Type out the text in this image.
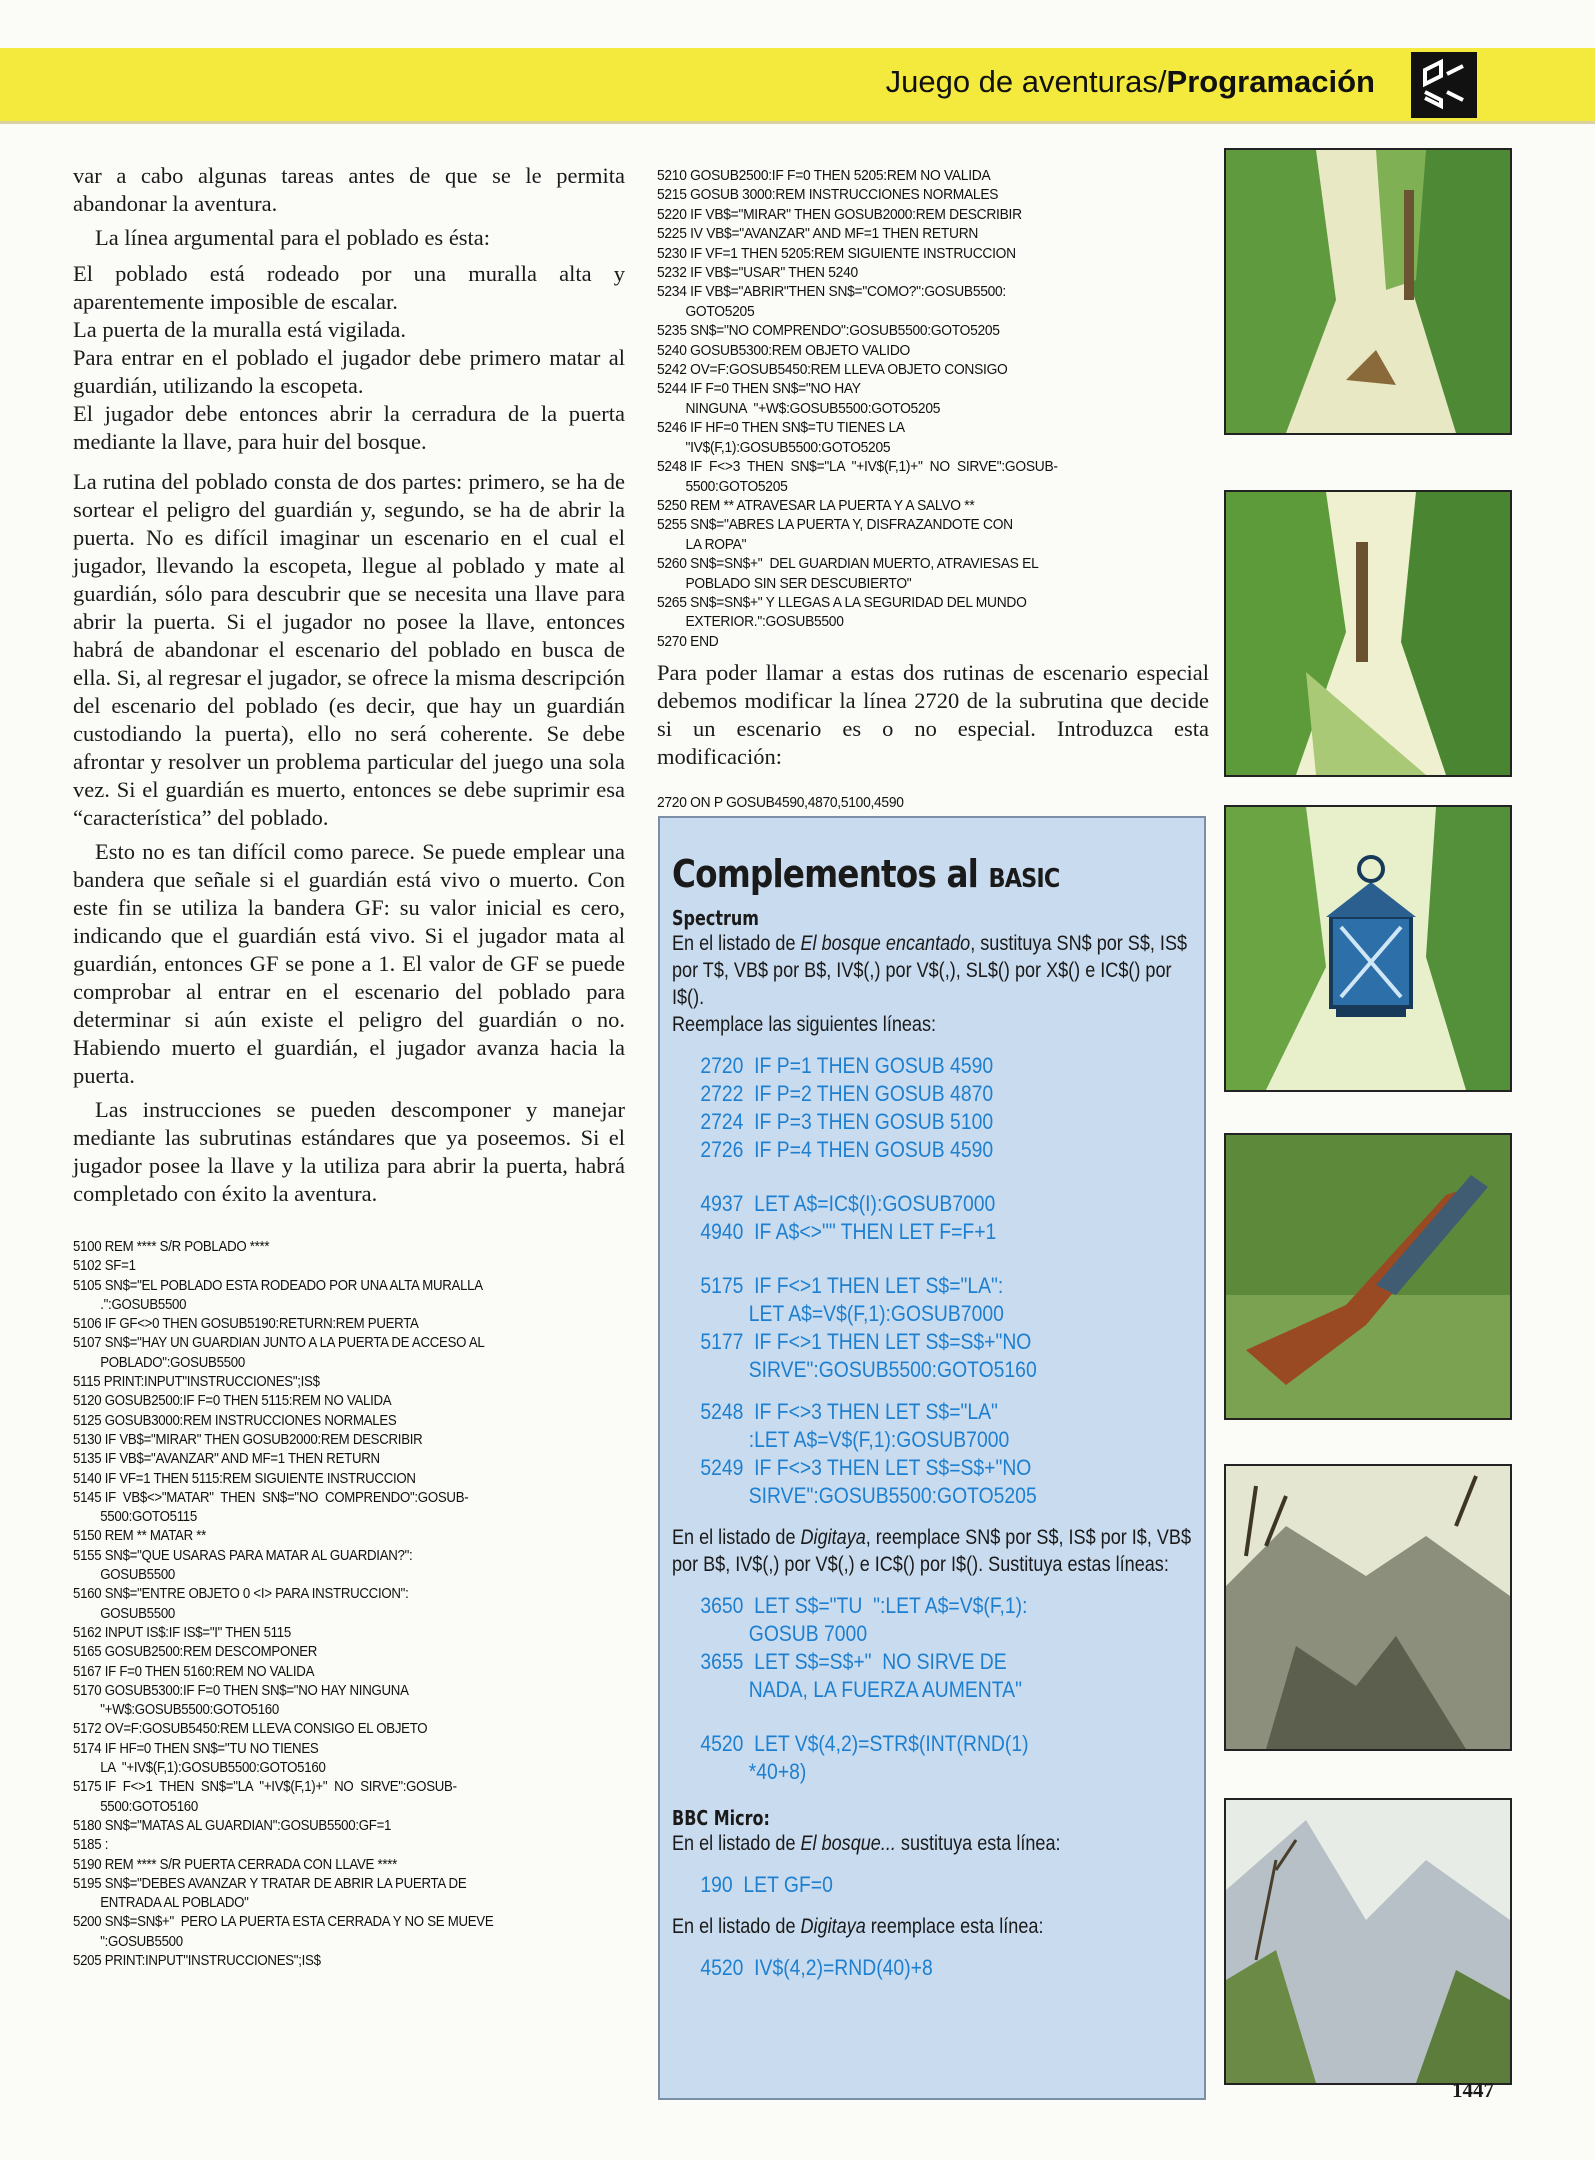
Juego de aventuras/Programación

var a cabo algunas tareas antes de que se le permita abandonar la aventura.

La línea argumental para el poblado es ésta:

El poblado está rodeado por una muralla alta y aparentemente imposible de escalar.

La puerta de la muralla está vigilada.

Para entrar en el poblado el jugador debe primero matar al guardián, utilizando la escopeta.

El jugador debe entonces abrir la cerradura de la puerta mediante la llave, para huir del bosque.

La rutina del poblado consta de dos partes: primero, se ha de sortear el peligro del guardián y, segundo, se ha de abrir la puerta. No es difícil imaginar un escenario en el cual el jugador, llevando la escopeta, llegue al poblado y mate al guardián, sólo para descubrir que se necesita una llave para abrir la puerta. Si el jugador no posee la llave, entonces habrá de abandonar el escenario del poblado en busca de ella. Si, al regresar el jugador, se ofrece la misma descripción del escenario del poblado (es decir, que hay un guardián custodiando la puerta), ello no será coherente. Se debe afrontar y resolver un problema particular del juego una sola vez. Si el guardián es muerto, entonces se debe suprimir esa “característica” del poblado.

Esto no es tan difícil como parece. Se puede emplear una bandera que señale si el guardián está vivo o muerto. Con este fin se utiliza la bandera GF: su valor inicial es cero, indicando que el guardián está vivo. Si el jugador mata al guardián, entonces GF se pone a 1. El valor de GF se puede comprobar al entrar en el escenario del poblado para determinar si aún existe el peligro del guardián o no. Habiendo muerto el guardián, el jugador avanza hacia la puerta.

Las instrucciones se pueden descomponer y manejar mediante las subrutinas estándares que ya poseemos. Si el jugador posee la llave y la utiliza para abrir la puerta, habrá completado con éxito la aventura.

5100 REM **** S/R POBLADO ****
5102 SF=1
5105 SN$="EL POBLADO ESTA RODEADO POR UNA ALTA MURALLA
.":GOSUB5500
5106 IF GF<>0 THEN GOSUB5190:RETURN:REM PUERTA
5107 SN$="HAY UN GUARDIAN JUNTO A LA PUERTA DE ACCESO AL
POBLADO":GOSUB5500
5115 PRINT:INPUT"INSTRUCCIONES";IS$
5120 GOSUB2500:IF F=0 THEN 5115:REM NO VALIDA
5125 GOSUB3000:REM INSTRUCCIONES NORMALES
5130 IF VB$="MIRAR" THEN GOSUB2000:REM DESCRIBIR
5135 IF VB$="AVANZAR" AND MF=1 THEN RETURN
5140 IF VF=1 THEN 5115:REM SIGUIENTE INSTRUCCION
5145 IF  VB$<>"MATAR"  THEN  SN$="NO  COMPRENDO":GOSUB-
5500:GOTO5115
5150 REM ** MATAR **
5155 SN$="QUE USARAS PARA MATAR AL GUARDIAN?":
GOSUB5500
5160 SN$="ENTRE OBJETO 0 <I> PARA INSTRUCCION":
GOSUB5500
5162 INPUT IS$:IF IS$="I" THEN 5115
5165 GOSUB2500:REM DESCOMPONER
5167 IF F=0 THEN 5160:REM NO VALIDA
5170 GOSUB5300:IF F=0 THEN SN$="NO HAY NINGUNA
"+W$:GOSUB5500:GOTO5160
5172 OV=F:GOSUB5450:REM LLEVA CONSIGO EL OBJETO
5174 IF HF=0 THEN SN$="TU NO TIENES
LA  "+IV$(F,1):GOSUB5500:GOTO5160
5175 IF  F<>1  THEN  SN$="LA  "+IV$(F,1)+"  NO  SIRVE":GOSUB-
5500:GOTO5160
5180 SN$="MATAS AL GUARDIAN":GOSUB5500:GF=1
5185 :
5190 REM **** S/R PUERTA CERRADA CON LLAVE ****
5195 SN$="DEBES AVANZAR Y TRATAR DE ABRIR LA PUERTA DE
ENTRADA AL POBLADO"
5200 SN$=SN$+"  PERO LA PUERTA ESTA CERRADA Y NO SE MUEVE
":GOSUB5500
5205 PRINT:INPUT"INSTRUCCIONES";IS$
5210 GOSUB2500:IF F=0 THEN 5205:REM NO VALIDA
5215 GOSUB 3000:REM INSTRUCCIONES NORMALES
5220 IF VB$="MIRAR" THEN GOSUB2000:REM DESCRIBIR
5225 IV VB$="AVANZAR" AND MF=1 THEN RETURN
5230 IF VF=1 THEN 5205:REM SIGUIENTE INSTRUCCION
5232 IF VB$="USAR" THEN 5240
5234 IF VB$="ABRIR"THEN SN$="COMO?":GOSUB5500:
GOTO5205
5235 SN$="NO COMPRENDO":GOSUB5500:GOTO5205
5240 GOSUB5300:REM OBJETO VALIDO
5242 OV=F:GOSUB5450:REM LLEVA OBJETO CONSIGO
5244 IF F=0 THEN SN$="NO HAY
NINGUNA  "+W$:GOSUB5500:GOTO5205
5246 IF HF=0 THEN SN$=TU TIENES LA
"IV$(F,1):GOSUB5500:GOTO5205
5248 IF  F<>3  THEN  SN$="LA  "+IV$(F,1)+"  NO  SIRVE":GOSUB-
5500:GOTO5205
5250 REM ** ATRAVESAR LA PUERTA Y A SALVO **
5255 SN$="ABRES LA PUERTA Y, DISFRAZANDOTE CON
LA ROPA"
5260 SN$=SN$+"  DEL GUARDIAN MUERTO, ATRAVIESAS EL
POBLADO SIN SER DESCUBIERTO"
5265 SN$=SN$+" Y LLEGAS A LA SEGURIDAD DEL MUNDO
EXTERIOR.":GOSUB5500
5270 END

Para poder llamar a estas dos rutinas de escenario especial debemos modificar la línea 2720 de la subrutina que decide si un escenario es o no especial. Introduzca esta modificación:

2720 ON P GOSUB4590,4870,5100,4590
Complementos al BASIC
Spectrum
En el listado de El bosque encantado, sustituya SN$ por S$, IS$ por T$, VB$ por B$, IV$(,) por V$(,), SL$() por X$() e IC$() por I$().
Reemplace las siguientes líneas:
2720  IF P=1 THEN GOSUB 4590
2722  IF P=2 THEN GOSUB 4870
2724  IF P=3 THEN GOSUB 5100
2726  IF P=4 THEN GOSUB 4590
4937  LET A$=IC$(I):GOSUB7000
4940  IF A$<>"" THEN LET F=F+1
5175  IF F<>1 THEN LET S$="LA":
LET A$=V$(F,1):GOSUB7000
5177  IF F<>1 THEN LET S$=S$+"NO
SIRVE":GOSUB5500:GOTO5160
5248  IF F<>3 THEN LET S$="LA"
:LET A$=V$(F,1):GOSUB7000
5249  IF F<>3 THEN LET S$=S$+"NO
SIRVE":GOSUB5500:GOTO5205
En el listado de Digitaya, reemplace SN$ por S$, IS$ por I$, VB$ por B$, IV$(,) por V$(,) e IC$() por I$(). Sustituya estas líneas:
3650  LET S$="TU  ":LET A$=V$(F,1):
GOSUB 7000
3655  LET S$=S$+"  NO SIRVE DE
NADA, LA FUERZA AUMENTA"
4520  LET V$(4,2)=STR$(INT(RND(1)
*40+8)
BBC Micro:
En el listado de El bosque... sustituya esta línea:
190  LET GF=0
En el listado de Digitaya reemplace esta línea:
4520  IV$(4,2)=RND(40)+8
1447
